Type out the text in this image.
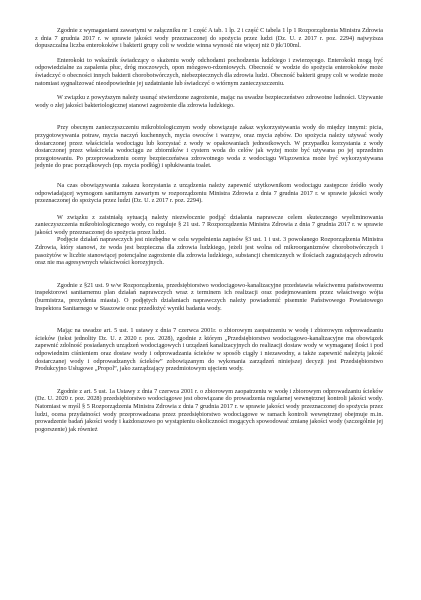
Zgodnie z wymaganiami zawartymi w załączniku nr 1 część A tab. 1 lp. 2 i część C tabela 1 lp 1 Rozporządzenia Ministra Zdrowia z dnia 7 grudnia 2017 r. w sprawie jakości wody przeznaczonej do spożycia przez ludzi (Dz. U. z 2017 r. poz. 2294) najwyższa dopuszczalna liczba enterokoków i bakterii grupy coli w wodzie winna wynosić nie więcej niż 0 jtk/100ml.

Enterokoki to wskaźnik świadczący o skażeniu wody odchodami pochodzenia ludzkiego i zwierzęcego. Enterokoki mogą być odpowiedzialne za zapalenia płuc, dróg moczowych, opon mózgowo-rdzeniowych. Obecność w wodzie do spożycia enterokoków może świadczyć o obecności innych bakterii chorobotwórczych, niebezpiecznych dla zdrowia ludzi. Obecność bakterii grupy coli w wodzie może natomiast sygnalizować nieodpowiednie jej uzdatnianie lub świadczyć o wtórnym zanieczyszczeniu.

W związku z powyższym należy usunąć stwierdzone zagrożenie, mając na uwadze bezpieczeństwo zdrowotne ludności. Używanie wody o złej jakości bakteriologicznej stanowi zagrożenie dla zdrowia ludzkiego.

Przy obecnym zanieczyszczeniu mikrobiologicznym wody obowiązuje zakaz wykorzystywania wody do między innymi: picia, przygotowywania potraw, mycia naczyń kuchennych, mycia owoców i warzyw, oraz mycia zębów. Do spożycia należy używać wody dostarczonej przez właściciela wodociągu lub korzystać z wody w opakowaniach jednostkowych. W przypadku korzystania z wody dostarczonej przez właściciela wodociągu ze zbiorników i cystern woda do celów jak wyżej może być używana po jej uprzednim przegotowaniu. Po przeprowadzeniu oceny bezpieczeństwa zdrowotnego woda z wodociągu Wiązownica może być wykorzystywana jedynie do prac porządkowych (np. mycia podłóg) i spłukiwania toalet.

Na czas obowiązywania zakazu korzystania z urządzenia należy zapewnić użytkownikom wodociągu zastępcze źródło wody odpowiadającej wymogom sanitarnym zawartym w rozporządzeniu Ministra Zdrowia z dnia 7 grudnia 2017 r. w sprawie jakości wody przeznaczonej do spożycia przez ludzi (Dz. U. z 2017 r. poz. 2294).

W związku z zaistniałą sytuacją należy niezwłocznie podjąć działania naprawcze celem skutecznego wyeliminowania zanieczyszczenia mikrobiologicznego wody, co reguluje § 21 ust. 7 Rozporządzenia Ministra Zdrowia z dnia 7 grudnia 2017 r. w sprawie jakości wody przeznaczonej do spożycia przez ludzi.

Podjęcie działań naprawczych jest niezbędne w celu wypełnienia zapisów §3 ust. 1 i ust. 3 powołanego Rozporządzenia Ministra Zdrowia, który stanowi, że woda jest bezpieczna dla zdrowia ludzkiego, jeżeli jest wolna od mikroorganizmów chorobotwórczych i pasożytów w liczbie stanowiącej potencjalne zagrożenie dla zdrowia ludzkiego, substancji chemicznych w ilościach zagrażających zdrowiu oraz nie ma agresywnych właściwości korozyjnych.

Zgodnie z §21 ust. 9 w/w Rozporządzenia, przedsiębiorstwo wodociągowo-kanalizacyjne przedstawia właściwemu państwowemu inspektorowi sanitarnemu plan działań naprawczych wraz z terminem ich realizacji oraz podejmowaniem przez właściwego wójta (burmistrza, prezydenta miasta). O podjętych działaniach naprawczych należy powiadomić pisemnie Państwowego Powiatowego Inspektora Sanitarnego w Staszowie oraz przedłożyć wyniki badania wody.

Mając na uwadze art. 5 ust. 1 ustawy z dnia 7 czerwca 2001r. o zbiorowym zaopatrzeniu w wodę i zbiorowym odprowadzaniu ścieków (tekst jednolity Dz. U. z 2020 r. poz. 2028), zgodnie z którym „Przedsiębiorstwo wodociągowo-kanalizacyjne ma obowiązek zapewnić zdolność posiadanych urządzeń wodociągowych i urządzeń kanalizacyjnych do realizacji dostaw wody w wymaganej ilości i pod odpowiednim ciśnieniem oraz dostaw wody i odprowadzania ścieków w sposób ciągły i niezawodny, a także zapewnić należytą jakość dostarczanej wody i odprowadzanych ścieków” zobowiązanym do wykonania zarządzeń niniejszej decyzji jest Przedsiębiorstwo Produkcyjno Usługowe „Propol”, jako zarządzający przedmiotowym ujęciem wody.

Zgodnie z art. 5 ust. 1a Ustawy z dnia 7 czerwca 2001 r. o zbiorowym zaopatrzeniu w wodę i zbiorowym odprowadzaniu ścieków (Dz. U. 2020 r. poz. 2028) przedsiębiorstwo wodociągowe jest obowiązane do prowadzenia regularnej wewnętrznej kontroli jakości wody. Natomiast w myśl § 5 Rozporządzenia Ministra Zdrowia z dnia 7 grudnia 2017 r. w sprawie jakości wody przeznaczonej do spożycia przez ludzi, ocena przydatności wody przeprowadzana przez przedsiębiorstwo wodociągowe w ramach kontroli wewnętrznej obejmuje m.in. prowadzenie badań jakości wody i każdorazowo po wystąpieniu okoliczności mogących spowodować zmianę jakości wody (szczególnie jej pogorszenie) jak również
